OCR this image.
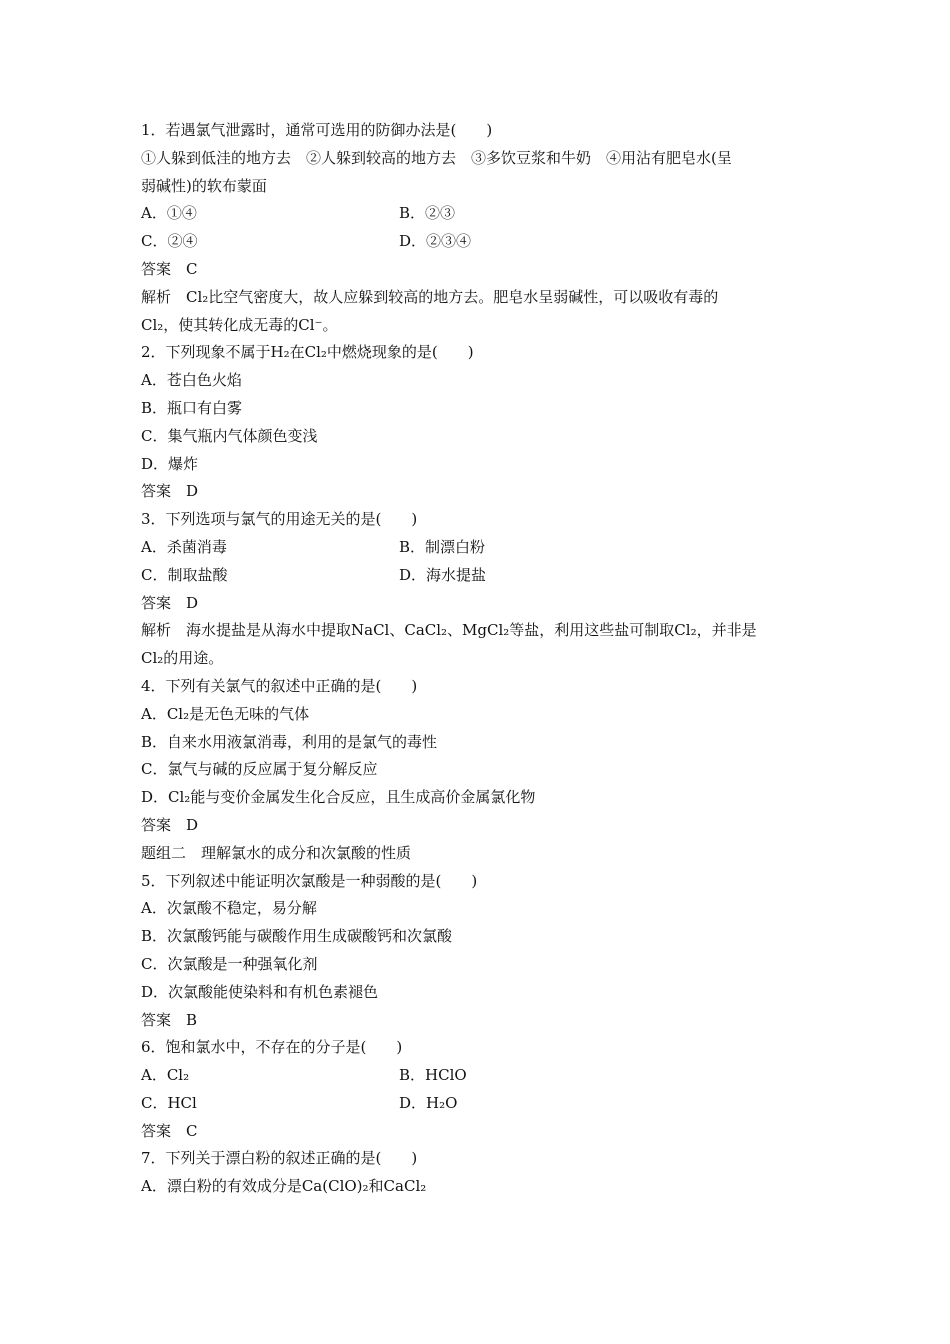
1．若遇氯气泄露时，通常可选用的防御办法是(　　)
①人躲到低洼的地方去　②人躲到较高的地方去　③多饮豆浆和牛奶　④用沾有肥皂水(呈
弱碱性)的软布蒙面
A．①④	B．②③
C．②④	D．②③④
答案　C
解析　Cl₂比空气密度大，故人应躲到较高的地方去。肥皂水呈弱碱性，可以吸收有毒的
Cl₂，使其转化成无毒的Cl⁻。
2．下列现象不属于H₂在Cl₂中燃烧现象的是(　　)
A．苍白色火焰
B．瓶口有白雾
C．集气瓶内气体颜色变浅
D．爆炸
答案　D
3．下列选项与氯气的用途无关的是(　　)
A．杀菌消毒	B．制漂白粉
C．制取盐酸	D．海水提盐
答案　D
解析　海水提盐是从海水中提取NaCl、CaCl₂、MgCl₂等盐，利用这些盐可制取Cl₂，并非是
Cl₂的用途。
4．下列有关氯气的叙述中正确的是(　　)
A．Cl₂是无色无味的气体
B．自来水用液氯消毒，利用的是氯气的毒性
C．氯气与碱的反应属于复分解反应
D．Cl₂能与变价金属发生化合反应，且生成高价金属氯化物
答案　D
题组二　理解氯水的成分和次氯酸的性质
5．下列叙述中能证明次氯酸是一种弱酸的是(　　)
A．次氯酸不稳定，易分解
B．次氯酸钙能与碳酸作用生成碳酸钙和次氯酸
C．次氯酸是一种强氧化剂
D．次氯酸能使染料和有机色素褪色
答案　B
6．饱和氯水中，不存在的分子是(　　)
A．Cl₂	B．HClO
C．HCl	D．H₂O
答案　C
7．下列关于漂白粉的叙述正确的是(　　)
A．漂白粉的有效成分是Ca(ClO)₂和CaCl₂
